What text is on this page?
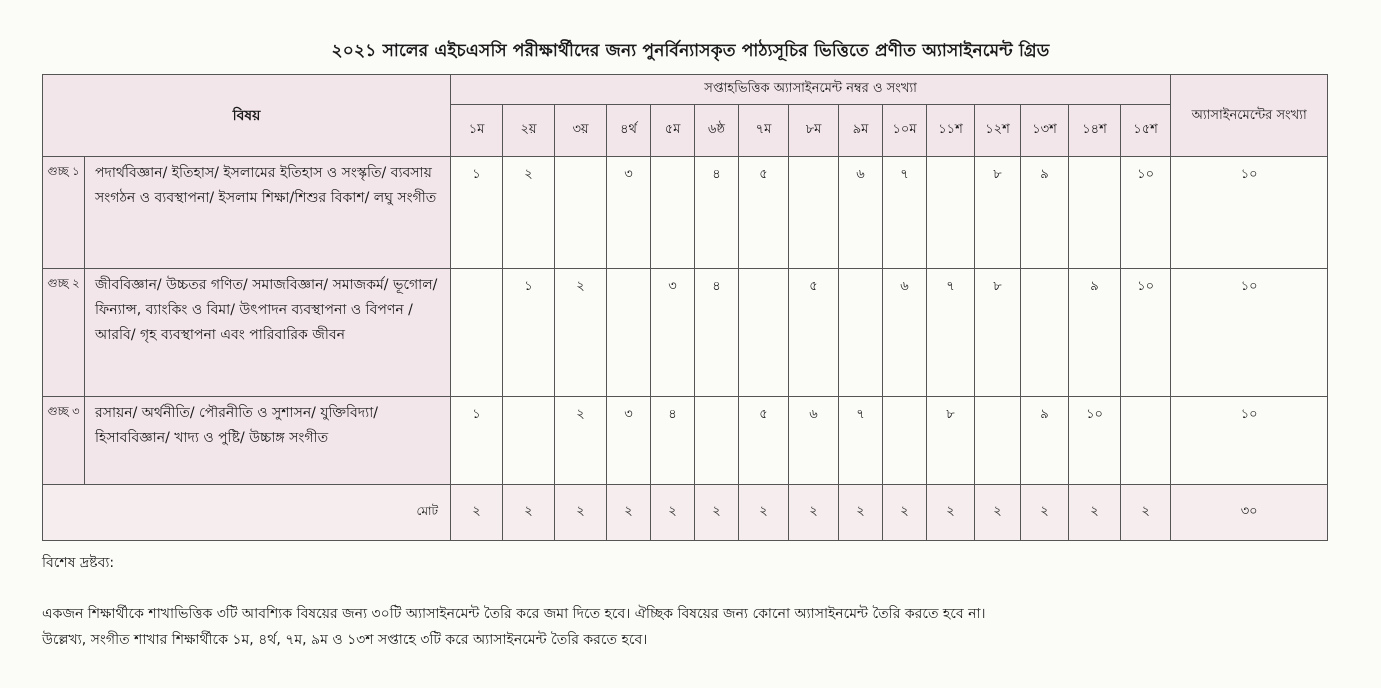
২০২১ সালের এইচএসসি পরীক্ষার্থীদের জন্য পুনর্বিন্যাসকৃত পাঠ্যসূচির ভিত্তিতে প্রণীত অ্যাসাইনমেন্ট গ্রিড
বিষয়		সপ্তাহভিত্তিক অ্যাসাইনমেন্ট নম্বর ও সংখ্যা															অ্যাসাইনমেন্টের সংখ্যা
		১ম	২য়	৩য়	৪র্থ	৫ম	৬ষ্ঠ	৭ম	৮ম	৯ম	১০ম	১১শ	১২শ	১৩শ	১৪শ	১৫শ	
গুচ্ছ ১	পদার্থবিজ্ঞান/ ইতিহাস/ ইসলামের ইতিহাস ও সংস্কৃতি/ ব্যবসায় সংগঠন ও ব্যবস্থাপনা/ ইসলাম শিক্ষা/শিশুর বিকাশ/ লঘু সংগীত	১	২		৩		৪	৫		৬	৭		৮	৯		১০	১০
গুচ্ছ ২	জীববিজ্ঞান/ উচ্চতর গণিত/ সমাজবিজ্ঞান/ সমাজকর্ম/ ভূগোল/ ফিন্যান্স, ব্যাংকিং ও বিমা/ উৎপাদন ব্যবস্থাপনা ও বিপণন /আরবি/ গৃহ ব্যবস্থাপনা এবং পারিবারিক জীবন		১	২		৩	৪		৫		৬	৭	৮		৯	১০	১০
গুচ্ছ ৩	রসায়ন/ অর্থনীতি/ পৌরনীতি ও সুশাসন/ যুক্তিবিদ্যা/ হিসাববিজ্ঞান/ খাদ্য ও পুষ্টি/ উচ্চাঙ্গ সংগীত	১		২	৩	৪		৫	৬	৭		৮		৯	১০		১০
মোট		২	২	২	২	২	২	২	২	২	২	২	২	২	২	২	৩০
বিশেষ দ্রষ্টব্য:
একজন শিক্ষার্থীকে শাখাভিত্তিক ৩টি আবশ্যিক বিষয়ের জন্য ৩০টি অ্যাসাইনমেন্ট তৈরি করে জমা দিতে হবে। ঐচ্ছিক বিষয়ের জন্য কোনো অ্যাসাইনমেন্ট তৈরি করতে হবে না।
উল্লেখ্য, সংগীত শাখার শিক্ষার্থীকে ১ম, ৪র্থ, ৭ম, ৯ম ও ১৩শ সপ্তাহে ৩টি করে অ্যাসাইনমেন্ট তৈরি করতে হবে।
